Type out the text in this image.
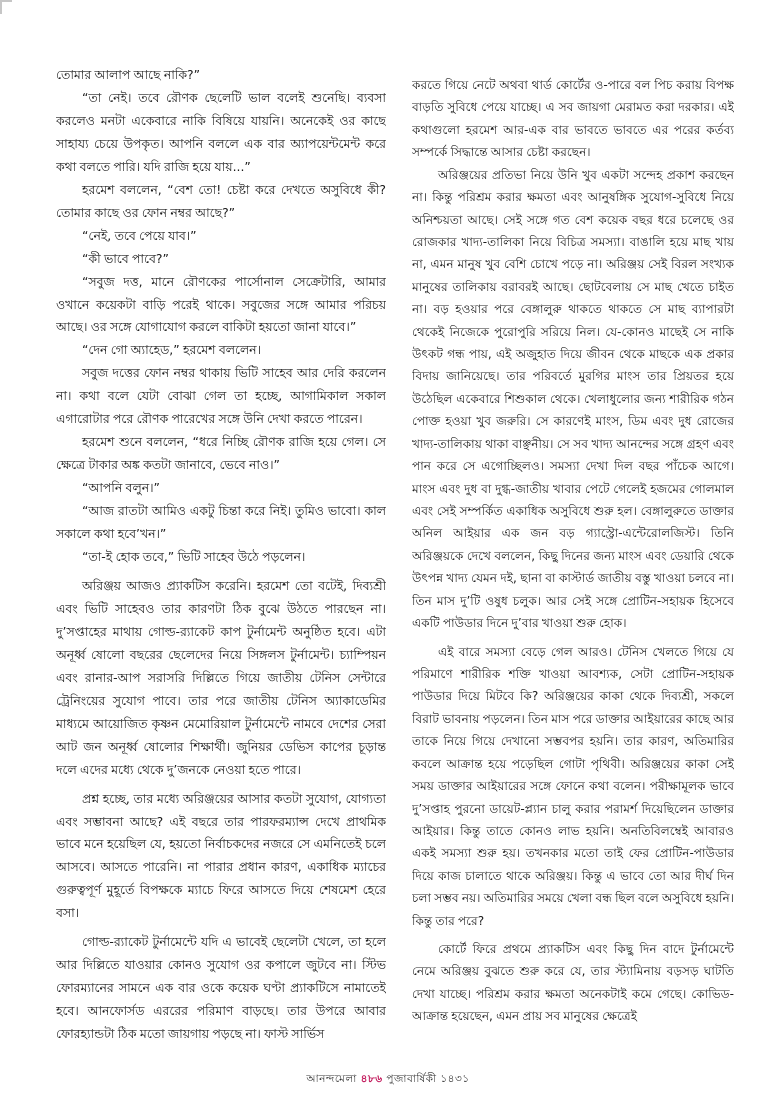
তোমার আলাপ আছে নাকি?”

“তা নেই। তবে রৌণক ছেলেটি ভাল বলেই শুনেছি। ব্যবসা করলেও মনটা একেবারে নাকি বিষিয়ে যায়নি। অনেকেই ওর কাছে সাহায্য চেয়ে উপকৃত। আপনি বললে এক বার অ্যাপয়েন্টমেন্ট করে কথা বলতে পারি। যদি রাজি হয়ে যায়...”

হরমেশ বললেন, “বেশ তো! চেষ্টা করে দেখতে অসুবিধে কী? তোমার কাছে ওর ফোন নম্বর আছে?”

“নেই, তবে পেয়ে যাব।”

“কী ভাবে পাবে?”

“সবুজ দত্ত, মানে রৌণকের পার্সোনাল সেক্রেটারি, আমার ওখানে কয়েকটা বাড়ি পরেই থাকে। সবুজের সঙ্গে আমার পরিচয় আছে। ওর সঙ্গে যোগাযোগ করলে বাকিটা হয়তো জানা যাবে।”

“দেন গো অ্যাহেড,” হরমেশ বললেন।

সবুজ দত্তের ফোন নম্বর থাকায় ভিটি সাহেব আর দেরি করলেন না। কথা বলে যেটা বোঝা গেল তা হচ্ছে, আগামিকাল সকাল এগারোটার পরে রৌণক পারেখের সঙ্গে উনি দেখা করতে পারেন।

হরমেশ শুনে বললেন, “ধরে নিচ্ছি রৌণক রাজি হয়ে গেল। সে ক্ষেত্রে টাকার অঙ্ক কতটা জানাবে, ভেবে নাও।”

“আপনি বলুন।”

“আজ রাতটা আমিও একটু চিন্তা করে নিই। তুমিও ভাবো। কাল সকালে কথা হবে’খন।”

“তা-ই হোক তবে,” ভিটি সাহেব উঠে পড়লেন।

অরিঞ্জয় আজও প্র্যাকটিস করেনি। হরমেশ তো বটেই, দিব্যশ্রী এবং ভিটি সাহেবও তার কারণটা ঠিক বুঝে উঠতে পারছেন না। দু’সপ্তাহের মাথায় গোল্ড-র‍্যাকেট কাপ টুর্নামেন্ট অনুষ্ঠিত হবে। এটা অনূর্ধ্ব ষোলো বছরের ছেলেদের নিয়ে সিঙ্গলস টুর্নামেন্ট। চ্যাম্পিয়ন এবং রানার-আপ সরাসরি দিল্লিতে গিয়ে জাতীয় টেনিস সেন্টারে ট্রেনিংয়ের সুযোগ পাবে। তার পরে জাতীয় টেনিস অ্যাকাডেমির মাধ্যমে আয়োজিত কৃষ্ণন মেমোরিয়াল টুর্নামেন্টে নামবে দেশের সেরা আট জন অনূর্ধ্ব ষোলোর শিক্ষার্থী। জুনিয়র ডেভিস কাপের চূড়ান্ত দলে এদের মধ্যে থেকে দু’জনকে নেওয়া হতে পারে।

প্রশ্ন হচ্ছে, তার মধ্যে অরিঞ্জয়ের আসার কতটা সুযোগ, যোগ্যতা এবং সম্ভাবনা আছে? এই বছরে তার পারফরম্যান্স দেখে প্রাথমিক ভাবে মনে হয়েছিল যে, হয়তো নির্বাচকদের নজরে সে এমনিতেই চলে আসবে। আসতে পারেনি। না পারার প্রধান কারণ, একাধিক ম্যাচের গুরুত্বপূর্ণ মুহূর্তে বিপক্ষকে ম্যাচে ফিরে আসতে দিয়ে শেষমেশ হেরে বসা।

গোল্ড-র‍্যাকেট টুর্নামেন্টে যদি এ ভাবেই ছেলেটা খেলে, তা হলে আর দিল্লিতে যাওয়ার কোনও সুযোগ ওর কপালে জুটবে না। স্টিভ ফোরম্যানের সামনে এক বার ওকে কয়েক ঘণ্টা প্র্যাকটিসে নামাতেই হবে। আনফোর্সড এররের পরিমাণ বাড়ছে। তার উপরে আবার ফোরহ্যান্ডটা ঠিক মতো জায়গায় পড়ছে না। ফাস্ট সার্ভিস

করতে গিয়ে নেটে অথবা থার্ড কোর্টের ও-পারে বল পিচ করায় বিপক্ষ বাড়তি সুবিধে পেয়ে যাচ্ছে। এ সব জায়গা মেরামত করা দরকার। এই কথাগুলো হরমেশ আর-এক বার ভাবতে ভাবতে এর পরের কর্তব্য সম্পর্কে সিদ্ধান্তে আসার চেষ্টা করছেন।

অরিঞ্জয়ের প্রতিভা নিয়ে উনি খুব একটা সন্দেহ প্রকাশ করছেন না। কিন্তু পরিশ্রম করার ক্ষমতা এবং আনুষঙ্গিক সুযোগ-সুবিধে নিয়ে অনিশ্চয়তা আছে। সেই সঙ্গে গত বেশ কয়েক বছর ধরে চলেছে ওর রোজকার খাদ্য-তালিকা নিয়ে বিচিত্র সমস্যা। বাঙালি হয়ে মাছ খায় না, এমন মানুষ খুব বেশি চোখে পড়ে না। অরিঞ্জয় সেই বিরল সংখ্যক মানুষের তালিকায় বরাবরই আছে। ছোটবেলায় সে মাছ খেতে চাইত না। বড় হওয়ার পরে বেঙ্গালুরু থাকতে থাকতে সে মাছ ব্যাপারটা থেকেই নিজেকে পুরোপুরি সরিয়ে নিল। যে-কোনও মাছেই সে নাকি উৎকট গন্ধ পায়, এই অজুহাত দিয়ে জীবন থেকে মাছকে এক প্রকার বিদায় জানিয়েছে। তার পরিবর্তে মুরগির মাংস তার প্রিয়তর হয়ে উঠেছিল একেবারে শিশুকাল থেকে। খেলাধুলোর জন্য শারীরিক গঠন পোক্ত হওয়া খুব জরুরি। সে কারণেই মাংস, ডিম এবং দুধ রোজের খাদ্য-তালিকায় থাকা বাঞ্ছনীয়। সে সব খাদ্য আনন্দের সঙ্গে গ্রহণ এবং পান করে সে এগোচ্ছিলও। সমস্যা দেখা দিল বছর পাঁচেক আগে। মাংস এবং দুধ বা দুগ্ধ-জাতীয় খাবার পেটে গেলেই হজমের গোলমাল এবং সেই সম্পর্কিত একাধিক অসুবিধে শুরু হল। বেঙ্গালুরুতে ডাক্তার অনিল আইয়ার এক জন বড় গ্যাস্ট্রো-এন্টেরোলজিস্ট। তিনি অরিঞ্জয়কে দেখে বললেন, কিছু দিনের জন্য মাংস এবং ডেয়ারি থেকে উৎপন্ন খাদ্য যেমন দই, ছানা বা কাস্টার্ড জাতীয় বস্তু খাওয়া চলবে না। তিন মাস দু’টি ওষুধ চলুক। আর সেই সঙ্গে প্রোটিন-সহায়ক হিসেবে একটি পাউডার দিনে দু’বার খাওয়া শুরু হোক।

এই বারে সমস্যা বেড়ে গেল আরও। টেনিস খেলতে গিয়ে যে পরিমাণে শারীরিক শক্তি খাওয়া আবশ্যক, সেটা প্রোটিন-সহায়ক পাউডার দিয়ে মিটবে কি? অরিঞ্জয়ের কাকা থেকে দিব্যশ্রী, সকলে বিরাট ভাবনায় পড়লেন। তিন মাস পরে ডাক্তার আইয়ারের কাছে আর তাকে নিয়ে গিয়ে দেখানো সম্ভবপর হয়নি। তার কারণ, অতিমারির কবলে আক্রান্ত হয়ে পড়েছিল গোটা পৃথিবী। অরিঞ্জয়ের কাকা সেই সময় ডাক্তার আইয়ারের সঙ্গে ফোনে কথা বলেন। পরীক্ষামূলক ভাবে দু’সপ্তাহ পুরনো ডায়েট-প্ল্যান চালু করার পরামর্শ দিয়েছিলেন ডাক্তার আইয়ার। কিন্তু তাতে কোনও লাভ হয়নি। অনতিবিলম্বেই আবারও একই সমস্যা শুরু হয়। তখনকার মতো তাই ফের প্রোটিন-পাউডার দিয়ে কাজ চালাতে থাকে অরিঞ্জয়। কিন্তু এ ভাবে তো আর দীর্ঘ দিন চলা সম্ভব নয়। অতিমারির সময়ে খেলা বন্ধ ছিল বলে অসুবিধে হয়নি। কিন্তু তার পরে?

কোর্টে ফিরে প্রথমে প্র্যাকটিস এবং কিছু দিন বাদে টুর্নামেন্টে নেমে অরিঞ্জয় বুঝতে শুরু করে যে, তার স্ট্যামিনায় বড়সড় ঘাটতি দেখা যাচ্ছে। পরিশ্রম করার ক্ষমতা অনেকটাই কমে গেছে। কোভিড-আক্রান্ত হয়েছেন, এমন প্রায় সব মানুষের ক্ষেত্রেই

আনন্দমেলা ৪৮৬ পুজাবার্ষিকী ১৪৩১
